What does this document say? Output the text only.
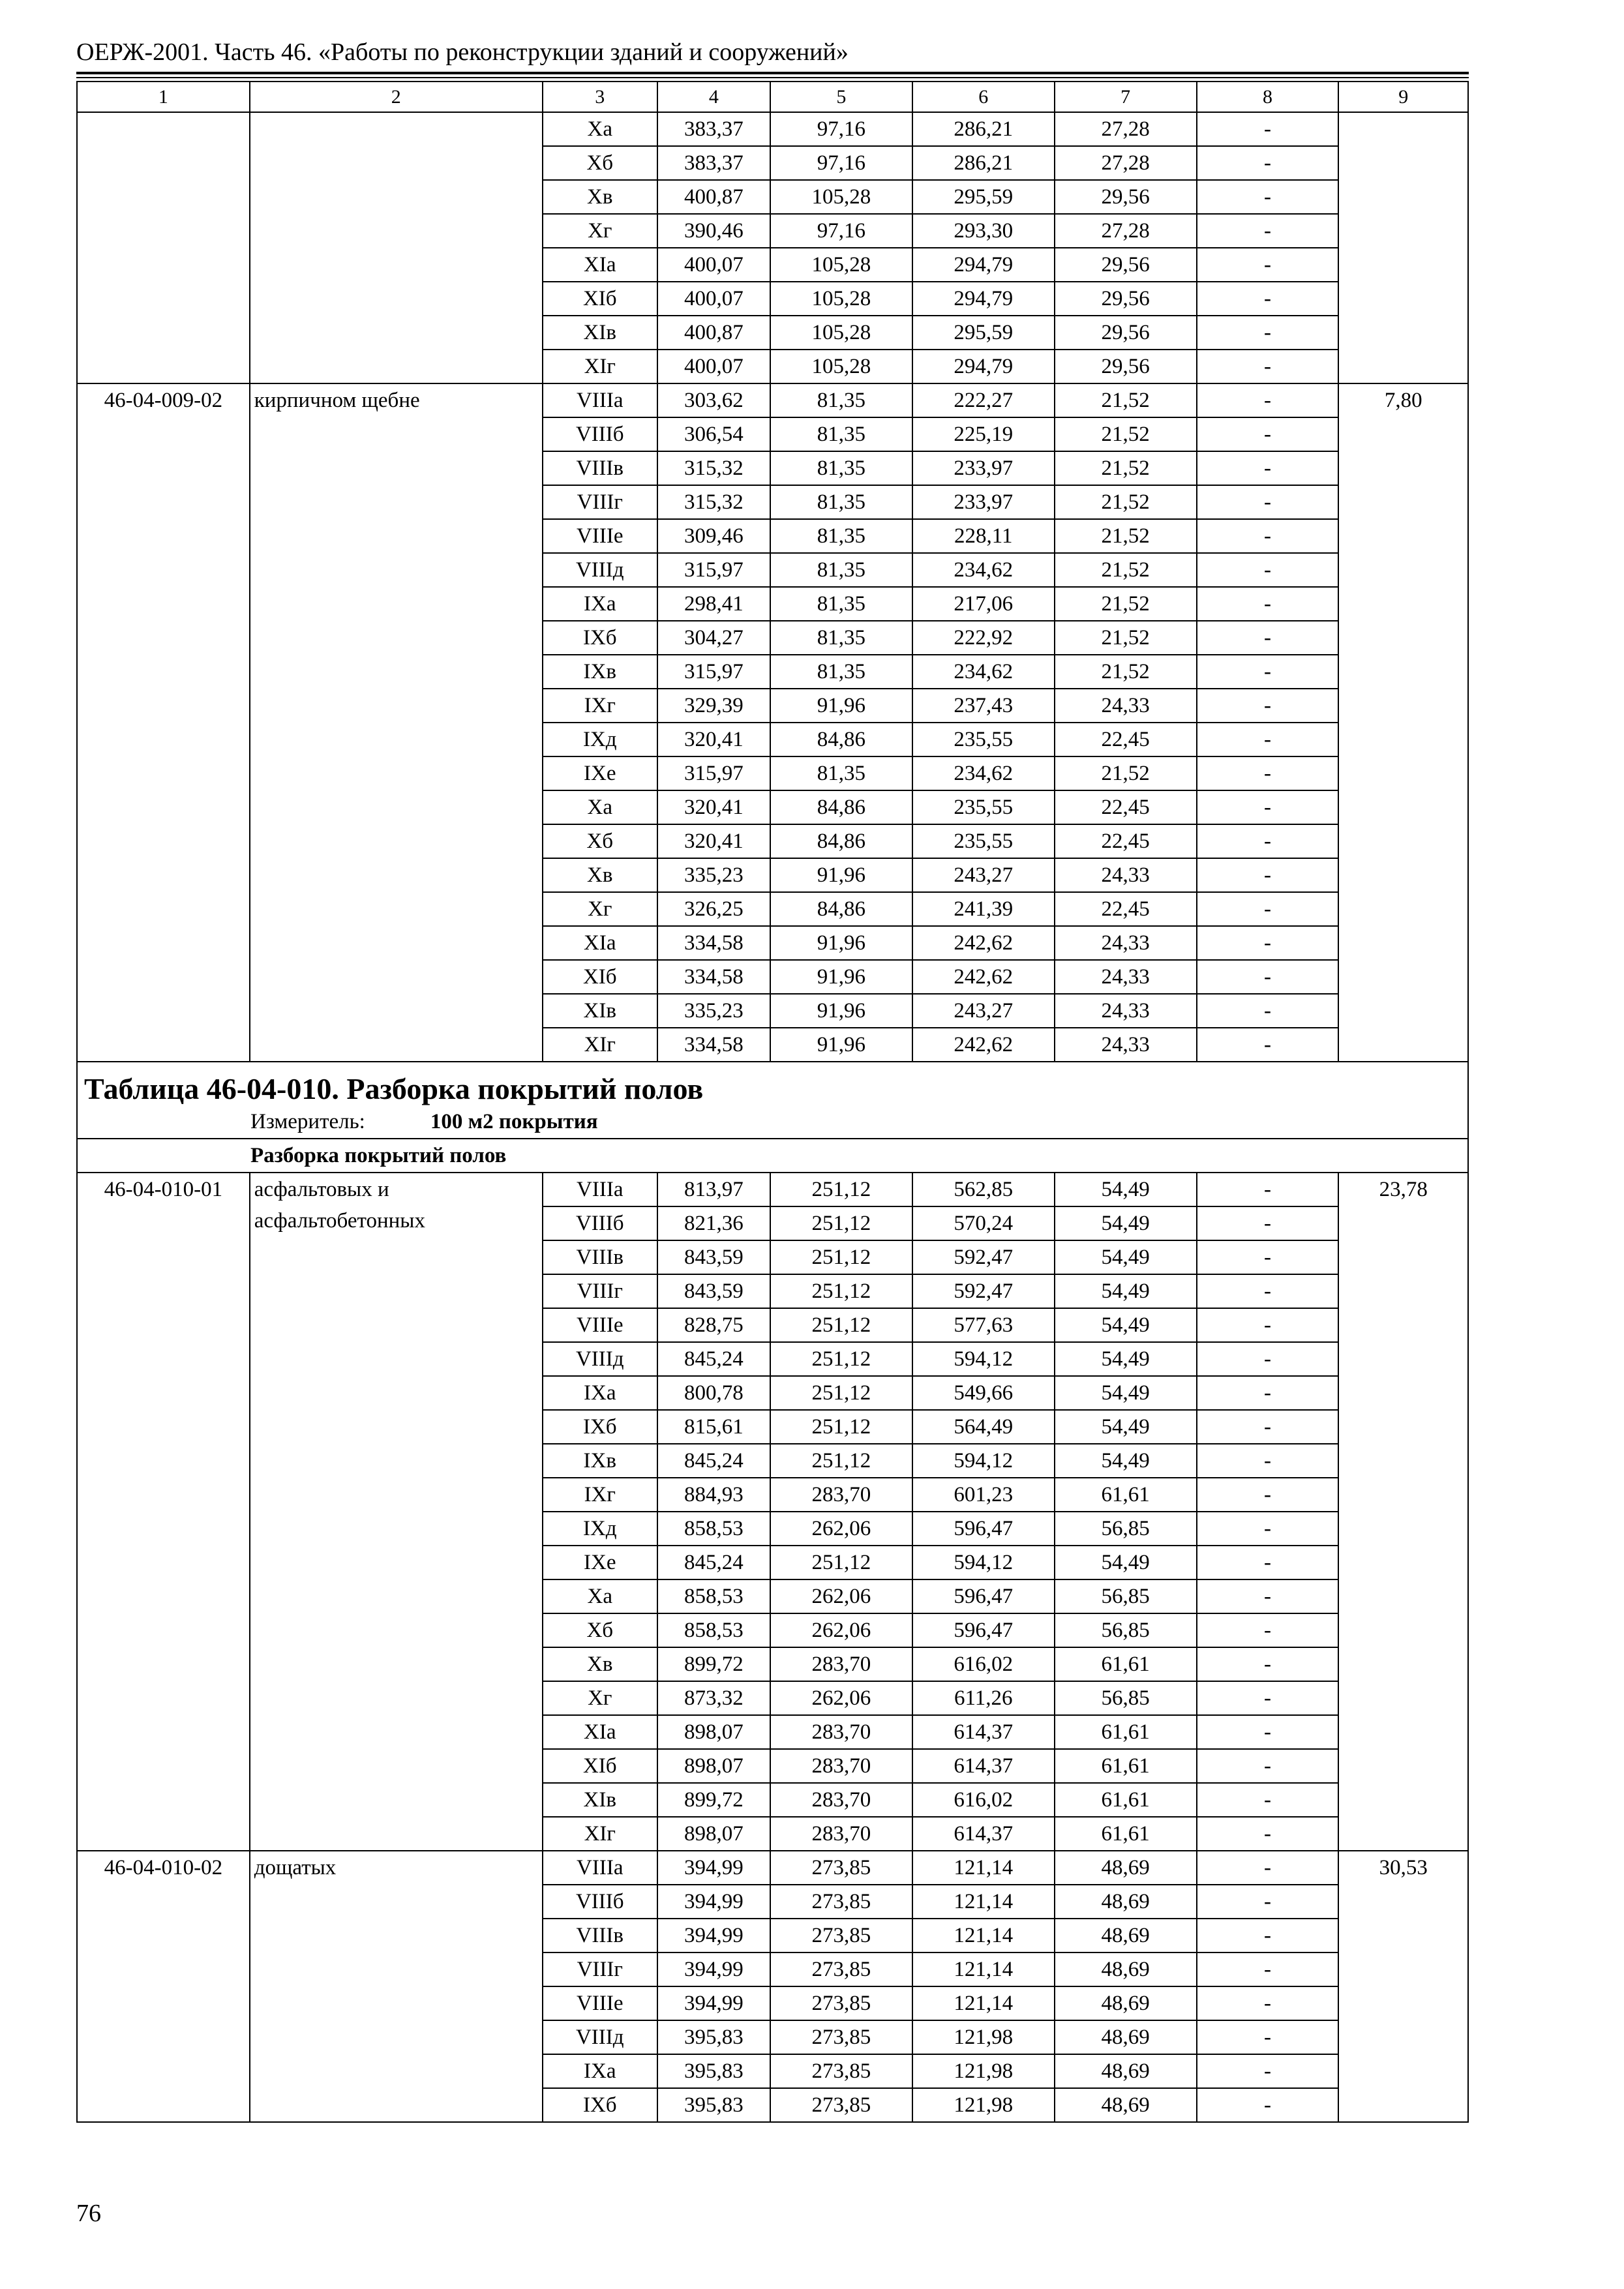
ОЕРЖ-2001. Часть 46. «Работы по реконструкции зданий и сооружений»
1	2	3	4	5	6	7	8	9
		Xа	383,37	97,16	286,21	27,28	-	
		Xб	383,37	97,16	286,21	27,28	-	
		Xв	400,87	105,28	295,59	29,56	-	
		Xг	390,46	97,16	293,30	27,28	-	
		XIа	400,07	105,28	294,79	29,56	-	
		XIб	400,07	105,28	294,79	29,56	-	
		XIв	400,87	105,28	295,59	29,56	-	
		XIг	400,07	105,28	294,79	29,56	-	
46-04-009-02	кирпичном щебне	VIIIа	303,62	81,35	222,27	21,52	-	7,80
		VIIIб	306,54	81,35	225,19	21,52	-	
		VIIIв	315,32	81,35	233,97	21,52	-	
		VIIIг	315,32	81,35	233,97	21,52	-	
		VIIIе	309,46	81,35	228,11	21,52	-	
		VIIIд	315,97	81,35	234,62	21,52	-	
		IXа	298,41	81,35	217,06	21,52	-	
		IXб	304,27	81,35	222,92	21,52	-	
		IXв	315,97	81,35	234,62	21,52	-	
		IXг	329,39	91,96	237,43	24,33	-	
		IXд	320,41	84,86	235,55	22,45	-	
		IXе	315,97	81,35	234,62	21,52	-	
		Xа	320,41	84,86	235,55	22,45	-	
		Xб	320,41	84,86	235,55	22,45	-	
		Xв	335,23	91,96	243,27	24,33	-	
		Xг	326,25	84,86	241,39	22,45	-	
		XIа	334,58	91,96	242,62	24,33	-	
		XIб	334,58	91,96	242,62	24,33	-	
		XIв	335,23	91,96	243,27	24,33	-	
		XIг	334,58	91,96	242,62	24,33	-	

Таблица 46-04-010. Разборка покрытий полов
Измеритель: 100 м2 покрытия								

Разборка покрытий полов								
46-04-010-01	асфальтовых и асфальтобетонных	VIIIа	813,97	251,12	562,85	54,49	-	23,78
		VIIIб	821,36	251,12	570,24	54,49	-	
		VIIIв	843,59	251,12	592,47	54,49	-	
		VIIIг	843,59	251,12	592,47	54,49	-	
		VIIIе	828,75	251,12	577,63	54,49	-	
		VIIIд	845,24	251,12	594,12	54,49	-	
		IXа	800,78	251,12	549,66	54,49	-	
		IXб	815,61	251,12	564,49	54,49	-	
		IXв	845,24	251,12	594,12	54,49	-	
		IXг	884,93	283,70	601,23	61,61	-	
		IXд	858,53	262,06	596,47	56,85	-	
		IXе	845,24	251,12	594,12	54,49	-	
		Xа	858,53	262,06	596,47	56,85	-	
		Xб	858,53	262,06	596,47	56,85	-	
		Xв	899,72	283,70	616,02	61,61	-	
		Xг	873,32	262,06	611,26	56,85	-	
		XIа	898,07	283,70	614,37	61,61	-	
		XIб	898,07	283,70	614,37	61,61	-	
		XIв	899,72	283,70	616,02	61,61	-	
		XIг	898,07	283,70	614,37	61,61	-	
46-04-010-02	дощатых	VIIIа	394,99	273,85	121,14	48,69	-	30,53
		VIIIб	394,99	273,85	121,14	48,69	-	
		VIIIв	394,99	273,85	121,14	48,69	-	
		VIIIг	394,99	273,85	121,14	48,69	-	
		VIIIе	394,99	273,85	121,14	48,69	-	
		VIIIд	395,83	273,85	121,98	48,69	-	
		IXа	395,83	273,85	121,98	48,69	-	
		IXб	395,83	273,85	121,98	48,69	-	
76
